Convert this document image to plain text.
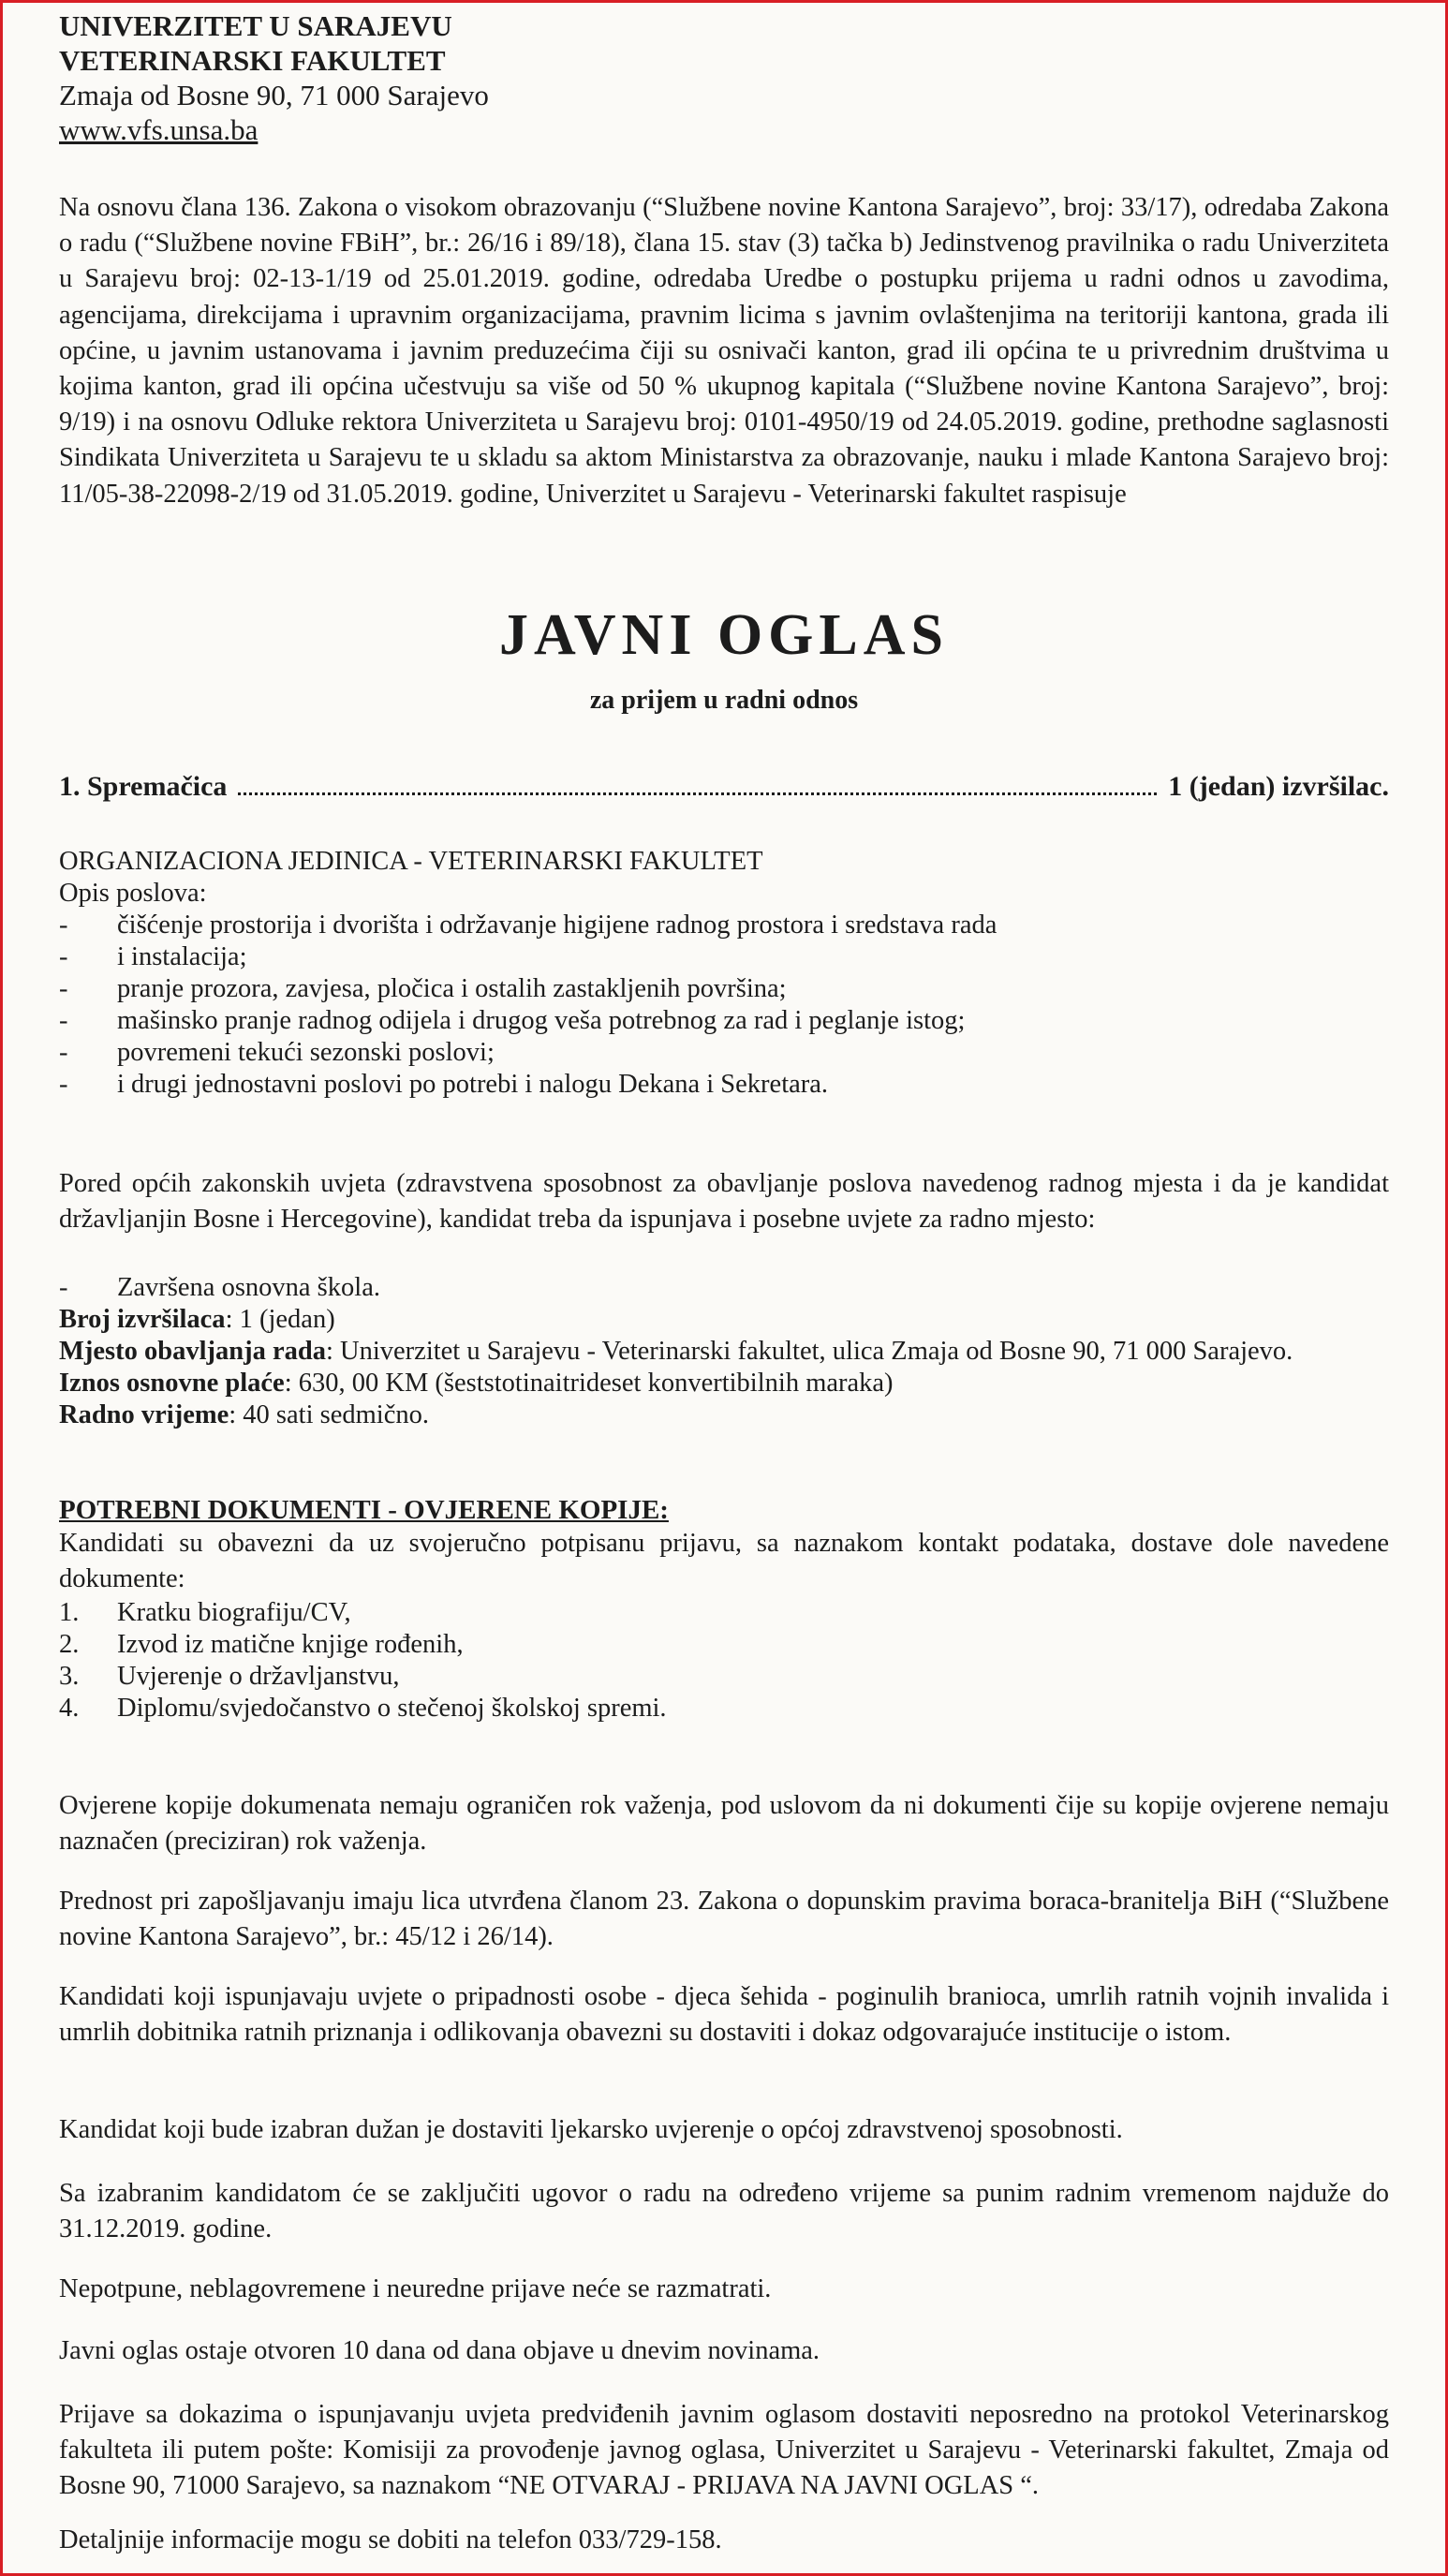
UNIVERZITET U SARAJEVU
VETERINARSKI FAKULTET
Zmaja od Bosne 90, 71 000 Sarajevo
www.vfs.unsa.ba
Na osnovu člana 136. Zakona o visokom obrazovanju (“Službene novine Kantona Sarajevo”, broj: 33/17), odredaba Zakona o radu (“Službene novine FBiH”, br.: 26/16 i 89/18), člana 15. stav (3) tačka b) Jedinstvenog pravilnika o radu Univerziteta u Sarajevu broj: 02-13-1/19 od 25.01.2019. godine, odredaba Uredbe o postupku prijema u radni odnos u zavodima, agencijama, direkcijama i upravnim organizacijama, pravnim licima s javnim ovlaštenjima na teritoriji kantona, grada ili općine, u javnim ustanovama i javnim preduzećima čiji su osnivači kanton, grad ili općina te u privrednim društvima u kojima kanton, grad ili općina učestvuju sa više od 50 % ukupnog kapitala (“Službene novine Kantona Sarajevo”, broj: 9/19) i na osnovu Odluke rektora Univerziteta u Sarajevu broj: 0101-4950/19 od 24.05.2019. godine, prethodne saglasnosti Sindikata Univerziteta u Sarajevu te u skladu sa aktom Ministarstva za obrazovanje, nauku i mlade Kantona Sarajevo broj: 11/05-38-22098-2/19 od 31.05.2019. godine, Univerzitet u Sarajevu - Veterinarski fakultet raspisuje
JAVNI OGLAS
za prijem u radni odnos
1. Spremačica	1 (jedan) izvršilac.
ORGANIZACIONA JEDINICA - VETERINARSKI FAKULTET
Opis poslova:
-	čišćenje prostorija i dvorišta i održavanje higijene radnog prostora i sredstava rada
-	i instalacija;
-	pranje prozora, zavjesa, pločica i ostalih zastakljenih površina;
-	mašinsko pranje radnog odijela i drugog veša potrebnog za rad i peglanje istog;
-	povremeni tekući sezonski poslovi;
-	i drugi jednostavni poslovi po potrebi i nalogu Dekana i Sekretara.
Pored općih zakonskih uvjeta (zdravstvena sposobnost za obavljanje poslova navedenog radnog mjesta i da je kandidat državljanjin Bosne i Hercegovine), kandidat treba da ispunjava i posebne uvjete za radno mjesto:
-	Završena osnovna škola.
Broj izvršilaca: 1 (jedan)
Mjesto obavljanja rada: Univerzitet u Sarajevu - Veterinarski fakultet, ulica Zmaja od Bosne 90, 71 000 Sarajevo.
Iznos osnovne plaće: 630, 00 KM (šeststotinaitrideset konvertibilnih maraka)
Radno vrijeme: 40 sati sedmično.
POTREBNI DOKUMENTI - OVJERENE KOPIJE:
Kandidati su obavezni da uz svojeručno potpisanu prijavu, sa naznakom kontakt podataka, dostave dole navedene dokumente:
1.	Kratku biografiju/CV,
2.	Izvod iz matične knjige rođenih,
3.	Uvjerenje o državljanstvu,
4.	Diplomu/svjedočanstvo o stečenoj školskoj spremi.
Ovjerene kopije dokumenata nemaju ograničen rok važenja, pod uslovom da ni dokumenti čije su kopije ovjerene nemaju naznačen (preciziran) rok važenja.
Prednost pri zapošljavanju imaju lica utvrđena članom 23. Zakona o dopunskim pravima boraca-branitelja BiH (“Službene novine Kantona Sarajevo”, br.: 45/12 i 26/14).
Kandidati koji ispunjavaju uvjete o pripadnosti osobe - djeca šehida - poginulih branioca, umrlih ratnih vojnih invalida i umrlih dobitnika ratnih priznanja i odlikovanja obavezni su dostaviti i dokaz odgovarajuće institucije o istom.
Kandidat koji bude izabran dužan je dostaviti ljekarsko uvjerenje o općoj zdravstvenoj sposobnosti.
Sa izabranim kandidatom će se zaključiti ugovor o radu na određeno vrijeme sa punim radnim vremenom najduže do 31.12.2019. godine.
Nepotpune, neblagovremene i neuredne prijave neće se razmatrati.
Javni oglas ostaje otvoren 10 dana od dana objave u dnevim novinama.
Prijave sa dokazima o ispunjavanju uvjeta predviđenih javnim oglasom dostaviti neposredno na protokol Veterinarskog fakulteta ili putem pošte: Komisiji za provođenje javnog oglasa, Univerzitet u Sarajevu - Veterinarski fakultet, Zmaja od Bosne 90, 71000 Sarajevo, sa naznakom “NE OTVARAJ - PRIJAVA NA JAVNI OGLAS “.
Detaljnije informacije mogu se dobiti na telefon 033/729-158.
